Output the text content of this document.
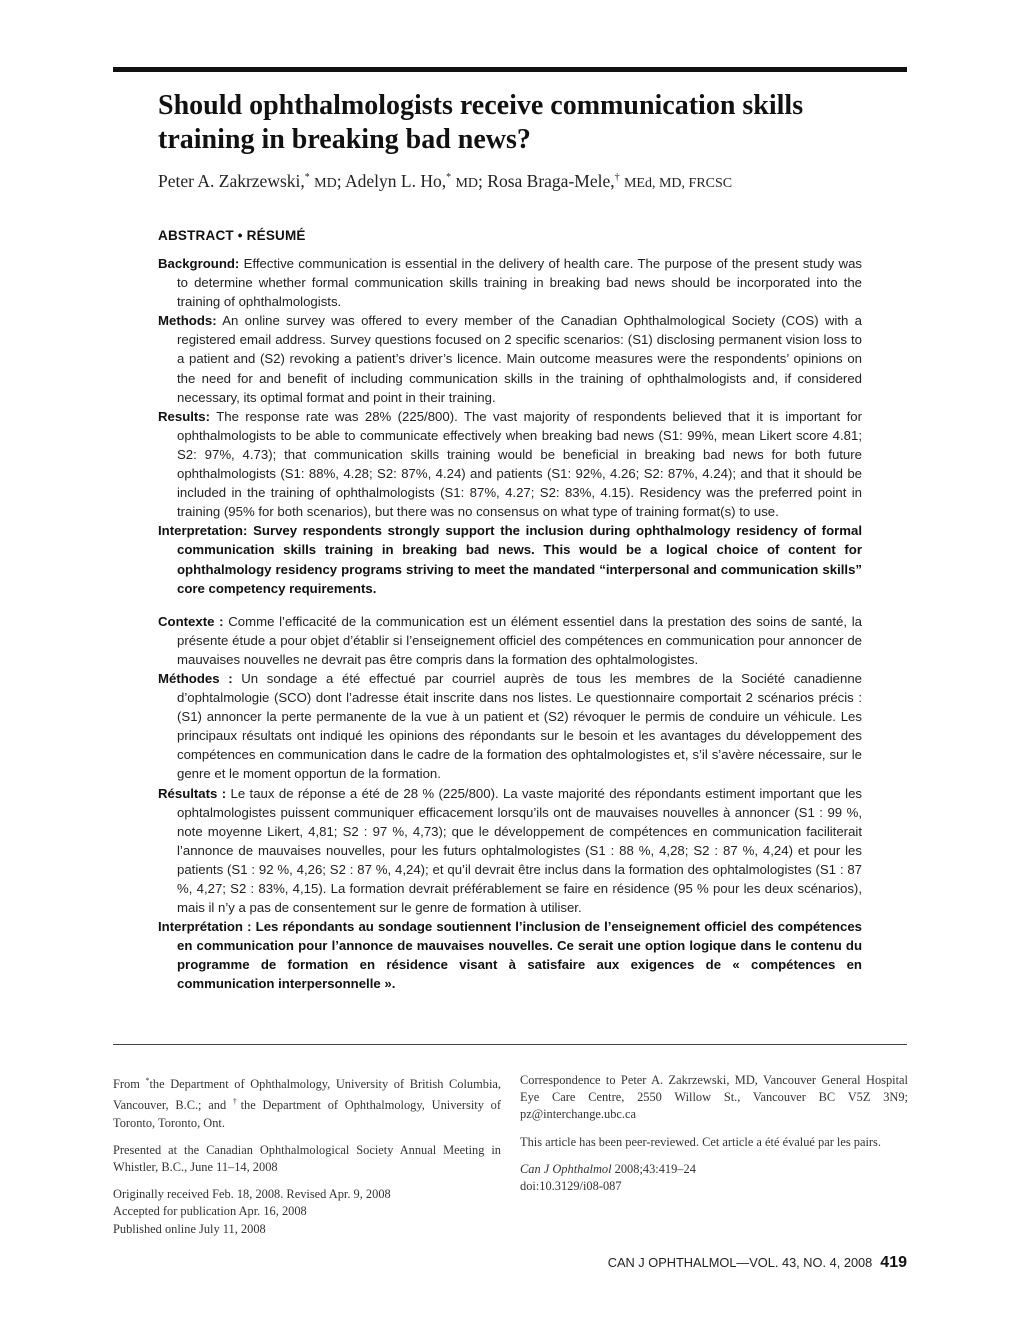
Should ophthalmologists receive communication skills training in breaking bad news?
Peter A. Zakrzewski,* MD; Adelyn L. Ho,* MD; Rosa Braga-Mele,† MEd, MD, FRCSC
ABSTRACT • RÉSUMÉ

Background: Effective communication is essential in the delivery of health care. The purpose of the present study was to determine whether formal communication skills training in breaking bad news should be incorporated into the training of ophthalmologists.

Methods: An online survey was offered to every member of the Canadian Ophthalmological Society (COS) with a registered email address. Survey questions focused on 2 specific scenarios: (S1) disclosing permanent vision loss to a patient and (S2) revoking a patient’s driver’s licence. Main outcome measures were the respondents’ opinions on the need for and benefit of including communication skills in the training of ophthalmologists and, if considered necessary, its optimal format and point in their training.

Results: The response rate was 28% (225/800). The vast majority of respondents believed that it is important for ophthalmologists to be able to communicate effectively when breaking bad news (S1: 99%, mean Likert score 4.81; S2: 97%, 4.73); that communication skills training would be beneficial in breaking bad news for both future ophthalmologists (S1: 88%, 4.28; S2: 87%, 4.24) and patients (S1: 92%, 4.26; S2: 87%, 4.24); and that it should be included in the training of ophthalmologists (S1: 87%, 4.27; S2: 83%, 4.15). Residency was the preferred point in training (95% for both scenarios), but there was no consensus on what type of training format(s) to use.

Interpretation: Survey respondents strongly support the inclusion during ophthalmology residency of formal communication skills training in breaking bad news. This would be a logical choice of content for ophthalmology residency programs striving to meet the mandated “interpersonal and communication skills” core competency requirements.

Contexte : Comme l’efficacité de la communication est un élément essentiel dans la prestation des soins de santé, la présente étude a pour objet d’établir si l’enseignement officiel des compétences en communication pour annoncer de mauvaises nouvelles ne devrait pas être compris dans la formation des ophtalmologistes.

Méthodes : Un sondage a été effectué par courriel auprès de tous les membres de la Société canadienne d’ophtalmologie (SCO) dont l’adresse était inscrite dans nos listes. Le questionnaire comportait 2 scénarios précis : (S1) annoncer la perte permanente de la vue à un patient et (S2) révoquer le permis de conduire un véhicule. Les principaux résultats ont indiqué les opinions des répondants sur le besoin et les avantages du développement des compétences en communication dans le cadre de la formation des ophtalmologistes et, s’il s’avère nécessaire, sur le genre et le moment opportun de la formation.

Résultats : Le taux de réponse a été de 28 % (225/800). La vaste majorité des répondants estiment important que les ophtalmologistes puissent communiquer efficacement lorsqu’ils ont de mauvaises nouvelles à annoncer (S1 : 99 %, note moyenne Likert, 4,81; S2 : 97 %, 4,73); que le développement de compétences en communication faciliterait l’annonce de mauvaises nouvelles, pour les futurs ophtalmologistes (S1 : 88 %, 4,28; S2 : 87 %, 4,24) et pour les patients (S1 : 92 %, 4,26; S2 : 87 %, 4,24); et qu’il devrait être inclus dans la formation des ophtalmologistes (S1 : 87 %, 4,27; S2 : 83%, 4,15). La formation devrait préférablement se faire en résidence (95 % pour les deux scénarios), mais il n’y a pas de consentement sur le genre de formation à utiliser.

Interprétation : Les répondants au sondage soutiennent l’inclusion de l’enseignement officiel des compétences en communication pour l’annonce de mauvaises nouvelles. Ce serait une option logique dans le contenu du programme de formation en résidence visant à satisfaire aux exigences de « compétences en communication interpersonnelle ».

From *the Department of Ophthalmology, University of British Columbia, Vancouver, B.C.; and †the Department of Ophthalmology, University of Toronto, Toronto, Ont.

Presented at the Canadian Ophthalmological Society Annual Meeting in Whistler, B.C., June 11–14, 2008

Originally received Feb. 18, 2008. Revised Apr. 9, 2008
Accepted for publication Apr. 16, 2008
Published online July 11, 2008

Correspondence to Peter A. Zakrzewski, MD, Vancouver General Hospital Eye Care Centre, 2550 Willow St., Vancouver BC V5Z 3N9; pz@interchange.ubc.ca

This article has been peer-reviewed. Cet article a été évalué par les pairs.

Can J Ophthalmol 2008;43:419–24
doi:10.3129/i08-087

CAN J OPHTHALMOL—VOL. 43, NO. 4, 2008 419
